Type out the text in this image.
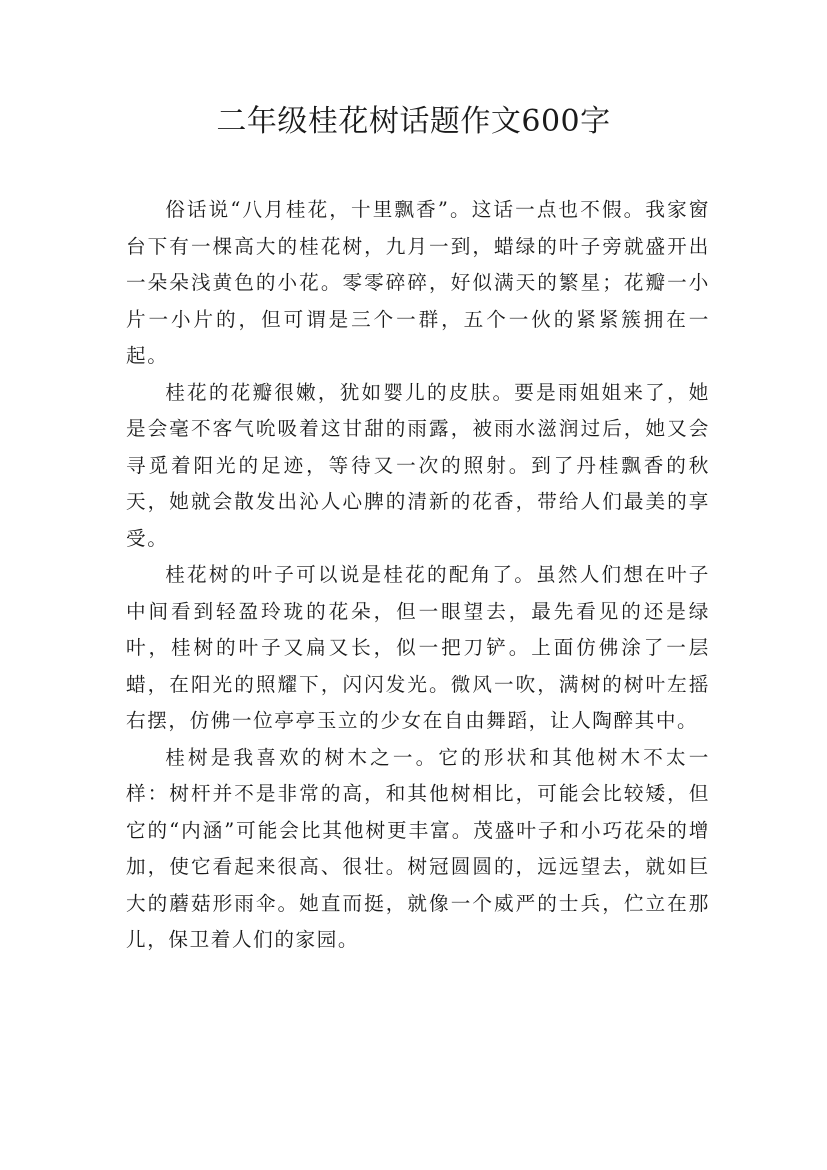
二年级桂花树话题作文600字

俗话说“八月桂花，十里飘香”。这话一点也不假。我家窗台下有一棵高大的桂花树，九月一到，蜡绿的叶子旁就盛开出一朵朵浅黄色的小花。零零碎碎，好似满天的繁星；花瓣一小片一小片的，但可谓是三个一群，五个一伙的紧紧簇拥在一起。

桂花的花瓣很嫩，犹如婴儿的皮肤。要是雨姐姐来了，她是会毫不客气吮吸着这甘甜的雨露，被雨水滋润过后，她又会寻觅着阳光的足迹，等待又一次的照射。到了丹桂飘香的秋天，她就会散发出沁人心脾的清新的花香，带给人们最美的享受。

桂花树的叶子可以说是桂花的配角了。虽然人们想在叶子中间看到轻盈玲珑的花朵，但一眼望去，最先看见的还是绿叶，桂树的叶子又扁又长，似一把刀铲。上面仿佛涂了一层蜡，在阳光的照耀下，闪闪发光。微风一吹，满树的树叶左摇右摆，仿佛一位亭亭玉立的少女在自由舞蹈，让人陶醉其中。

桂树是我喜欢的树木之一。它的形状和其他树木不太一样：树杆并不是非常的高，和其他树相比，可能会比较矮，但它的“内涵”可能会比其他树更丰富。茂盛叶子和小巧花朵的增加，使它看起来很高、很壮。树冠圆圆的，远远望去，就如巨大的蘑菇形雨伞。她直而挺，就像一个威严的士兵，伫立在那儿，保卫着人们的家园。
